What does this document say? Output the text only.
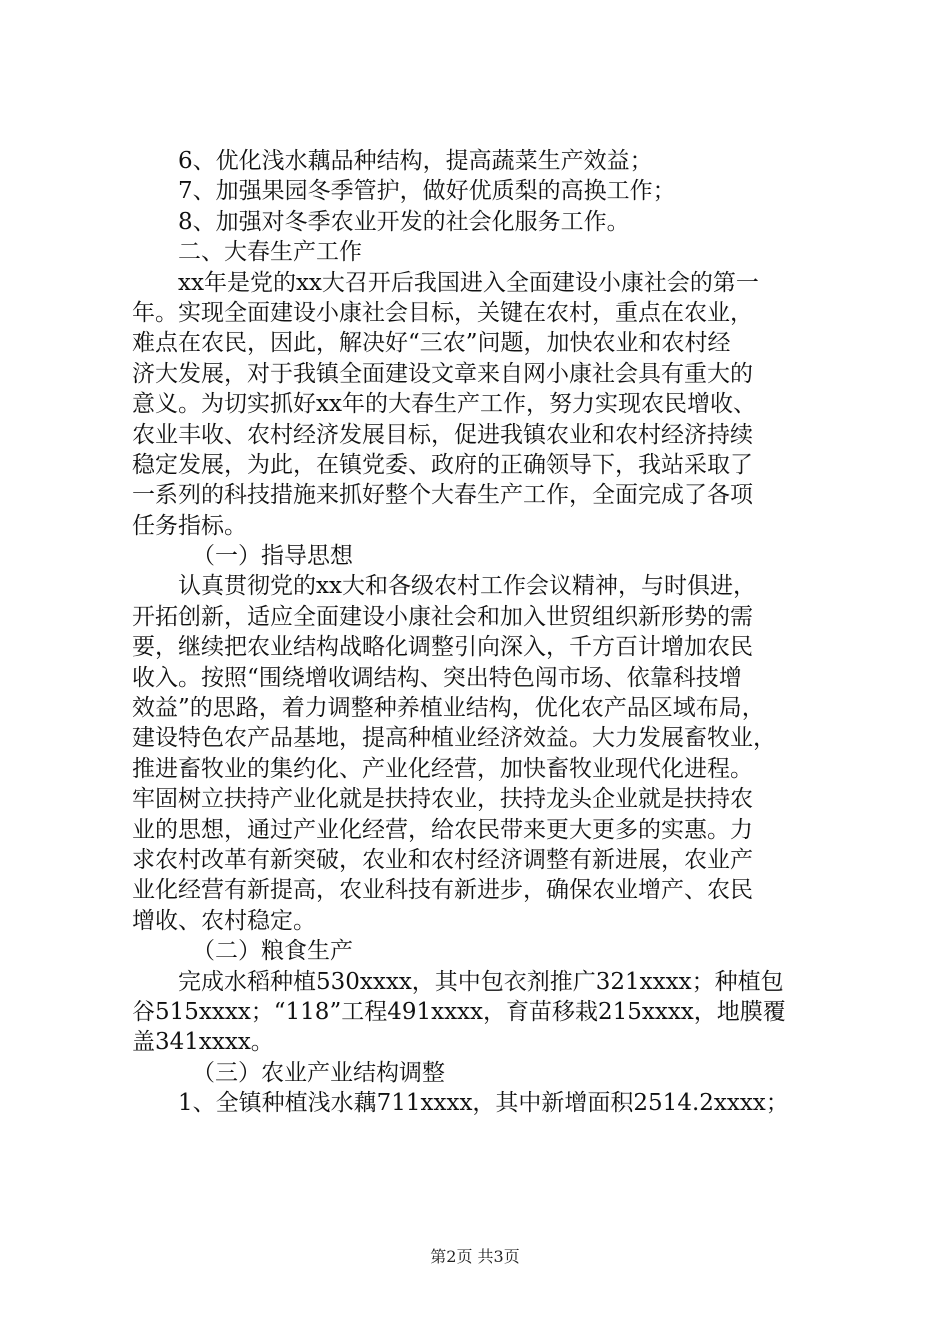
6、优化浅水藕品种结构，提高蔬菜生产效益；
7、加强果园冬季管护，做好优质梨的高换工作；
8、加强对冬季农业开发的社会化服务工作。
二、大春生产工作
xx年是党的xx大召开后我国进入全面建设小康社会的第一
年。实现全面建设小康社会目标，关键在农村，重点在农业，
难点在农民，因此，解决好“三农”问题，加快农业和农村经
济大发展，对于我镇全面建设文章来自网小康社会具有重大的
意义。为切实抓好xx年的大春生产工作，努力实现农民增收、
农业丰收、农村经济发展目标，促进我镇农业和农村经济持续
稳定发展，为此，在镇党委、政府的正确领导下，我站采取了
一系列的科技措施来抓好整个大春生产工作，全面完成了各项
任务指标。
（一）指导思想
认真贯彻党的xx大和各级农村工作会议精神，与时俱进，
开拓创新，适应全面建设小康社会和加入世贸组织新形势的需
要，继续把农业结构战略化调整引向深入，千方百计增加农民
收入。按照“围绕增收调结构、突出特色闯市场、依靠科技增
效益”的思路，着力调整种养植业结构，优化农产品区域布局，
建设特色农产品基地，提高种植业经济效益。大力发展畜牧业，
推进畜牧业的集约化、产业化经营，加快畜牧业现代化进程。
牢固树立扶持产业化就是扶持农业，扶持龙头企业就是扶持农
业的思想，通过产业化经营，给农民带来更大更多的实惠。力
求农村改革有新突破，农业和农村经济调整有新进展，农业产
业化经营有新提高，农业科技有新进步，确保农业增产、农民
增收、农村稳定。
（二）粮食生产
完成水稻种植530xxxx，其中包衣剂推广321xxxx；种植包
谷515xxxx；“118”工程491xxxx，育苗移栽215xxxx，地膜覆
盖341xxxx。
（三）农业产业结构调整
1、全镇种植浅水藕711xxxx，其中新增面积2514.2xxxx；
第2页 共3页
